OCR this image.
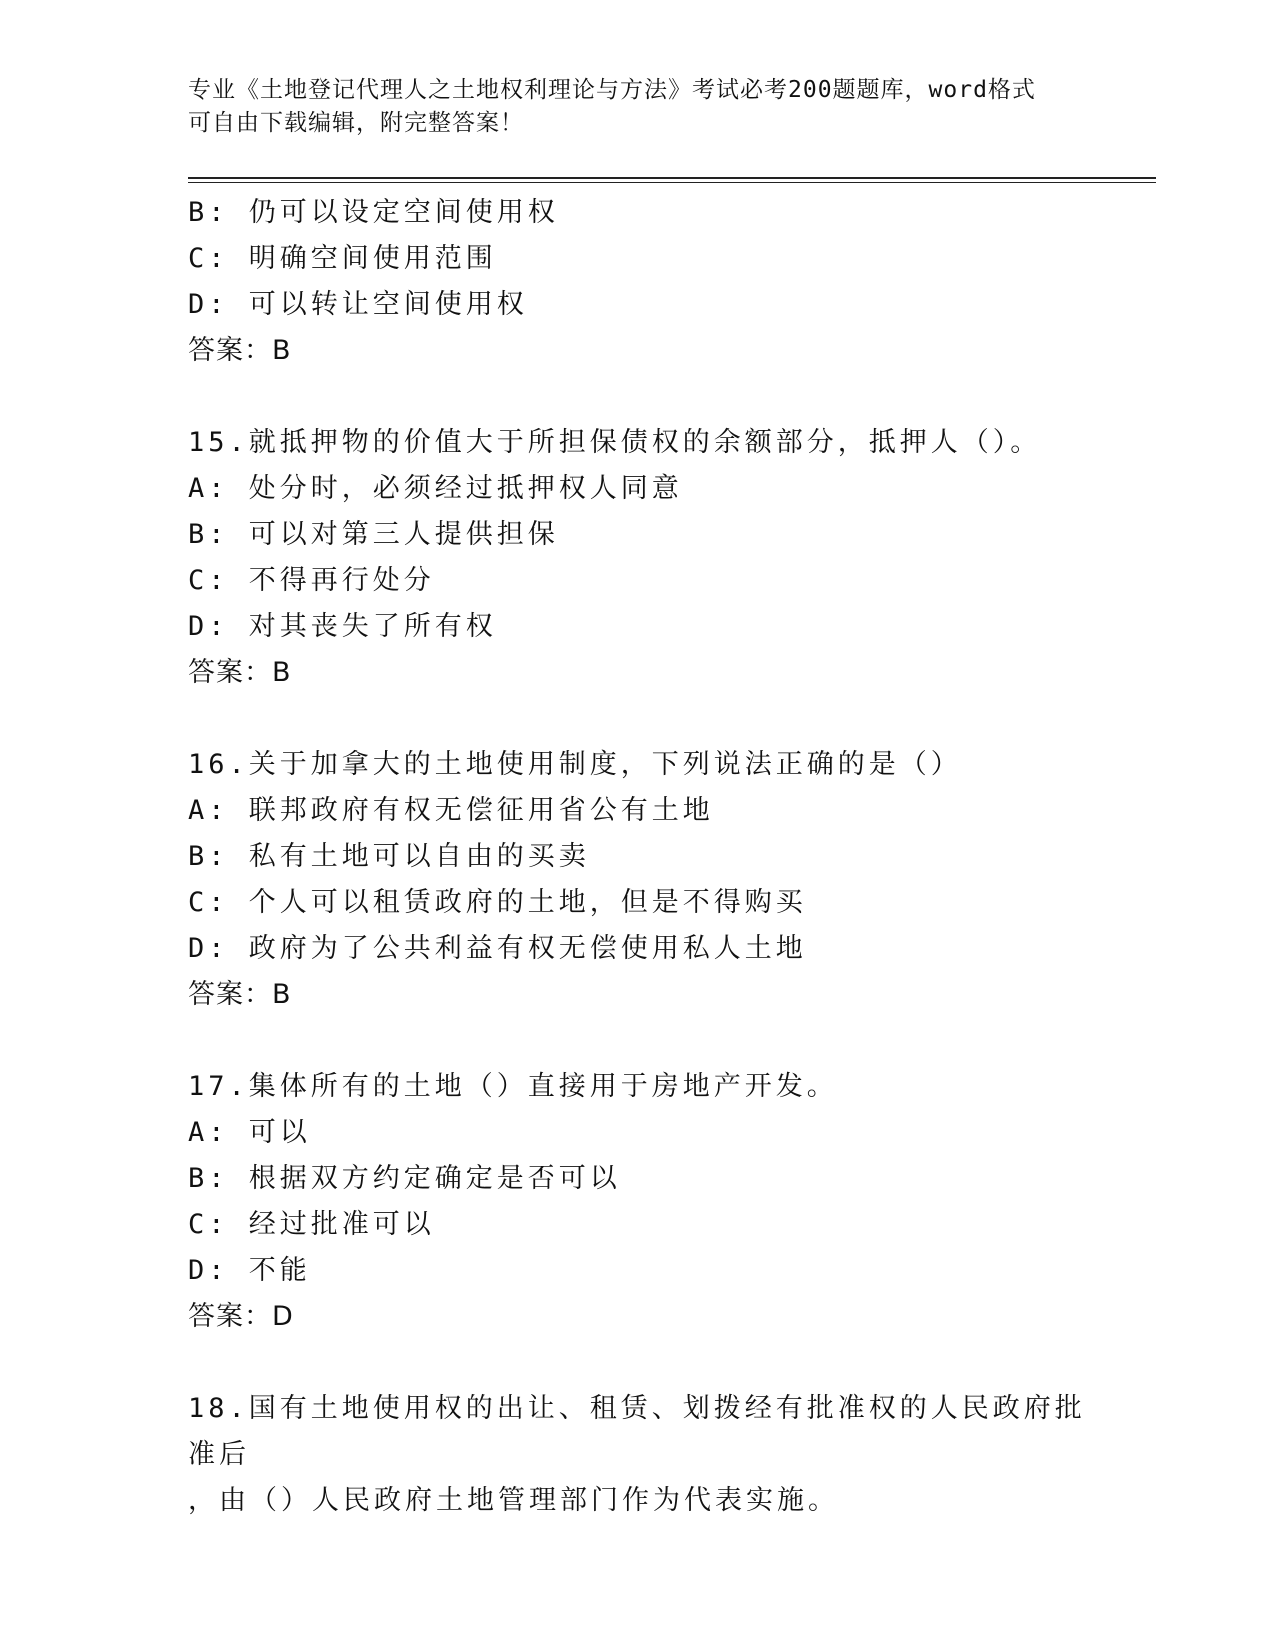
专业《土地登记代理人之土地权利理论与方法》考试必考200题题库，word格式
可自由下载编辑，附完整答案！
B: 仍可以设定空间使用权
C: 明确空间使用范围
D: 可以转让空间使用权
答案：B
15.就抵押物的价值大于所担保债权的余额部分，抵押人（）。
A: 处分时，必须经过抵押权人同意
B: 可以对第三人提供担保
C: 不得再行处分
D: 对其丧失了所有权
答案：B
16.关于加拿大的土地使用制度，下列说法正确的是（）
A: 联邦政府有权无偿征用省公有土地
B: 私有土地可以自由的买卖
C: 个人可以租赁政府的土地，但是不得购买
D: 政府为了公共利益有权无偿使用私人土地
答案：B
17.集体所有的土地（）直接用于房地产开发。
A: 可以
B: 根据双方约定确定是否可以
C: 经过批准可以
D: 不能
答案：D
18.国有土地使用权的出让、租赁、划拨经有批准权的人民政府批准后
，由（）人民政府土地管理部门作为代表实施。
